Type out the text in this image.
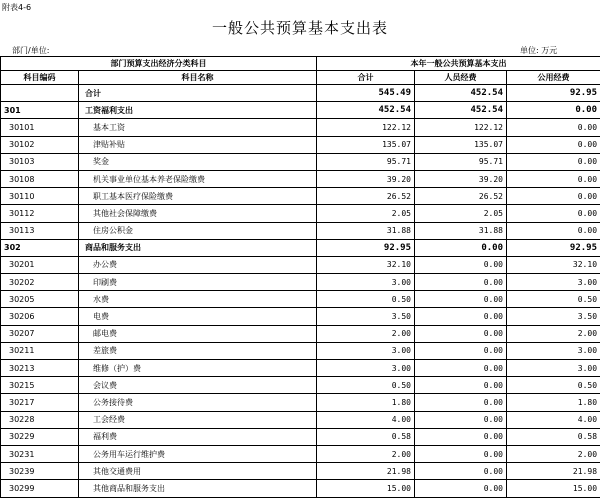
附表4-6
一般公共预算基本支出表
部门/单位:	单位: 万元
部门预算支出经济分类科目		本年一般公共预算基本支出		
科目编码	科目名称	合计	人员经费	公用经费
	合计	545.49	452.54	92.95
301	工资福利支出	452.54	452.54	0.00
30101	基本工资	122.12	122.12	0.00
30102	津贴补贴	135.07	135.07	0.00
30103	奖金	95.71	95.71	0.00
30108	机关事业单位基本养老保险缴费	39.20	39.20	0.00
30110	职工基本医疗保险缴费	26.52	26.52	0.00
30112	其他社会保障缴费	2.05	2.05	0.00
30113	住房公积金	31.88	31.88	0.00
302	商品和服务支出	92.95	0.00	92.95
30201	办公费	32.10	0.00	32.10
30202	印刷费	3.00	0.00	3.00
30205	水费	0.50	0.00	0.50
30206	电费	3.50	0.00	3.50
30207	邮电费	2.00	0.00	2.00
30211	差旅费	3.00	0.00	3.00
30213	维修（护）费	3.00	0.00	3.00
30215	会议费	0.50	0.00	0.50
30217	公务接待费	1.80	0.00	1.80
30228	工会经费	4.00	0.00	4.00
30229	福利费	0.58	0.00	0.58
30231	公务用车运行维护费	2.00	0.00	2.00
30239	其他交通费用	21.98	0.00	21.98
30299	其他商品和服务支出	15.00	0.00	15.00
